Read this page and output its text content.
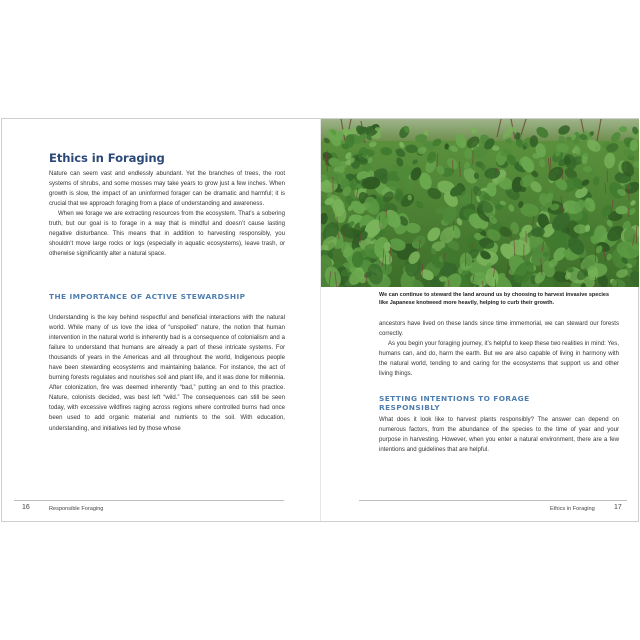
Ethics in Foraging

Nature can seem vast and endlessly abundant. Yet the branches of trees, the root systems of shrubs, and some mosses may take years to grow just a few inches. When growth is slow, the impact of an uninformed forager can be dramatic and harmful; it is crucial that we approach foraging from a place of understanding and awareness.

When we forage we are extracting resources from the ecosystem. That’s a sobering truth, but our goal is to forage in a way that is mindful and doesn’t cause lasting negative disturbance. This means that in addition to harvesting responsibly, you shouldn’t move large rocks or logs (especially in aquatic ecosystems), leave trash, or otherwise significantly alter a natural space.

THE IMPORTANCE OF ACTIVE STEWARDSHIP

Understanding is the key behind respectful and beneficial interactions with the natural world. While many of us love the idea of “unspoiled” nature, the notion that human intervention in the natural world is inherently bad is a consequence of colonialism and a failure to understand that humans are already a part of these intricate systems. For thousands of years in the Americas and all throughout the world, Indigenous people have been stewarding ecosystems and maintaining balance. For instance, the act of burning forests regulates and nourishes soil and plant life, and it was done for millennia. After colonization, fire was deemed inherently “bad,” putting an end to this practice. Nature, colonists decided, was best left “wild.” The consequences can still be seen today, with excessive wildfires raging across regions where controlled burns had once been used to add organic material and nutrients to the soil. With education, understanding, and initiatives led by those whose

16	Responsible Foraging
We can continue to steward the land around us by choosing to harvest invasive species like Japanese knotweed more heavily, helping to curb their growth.

ancestors have lived on these lands since time immemorial, we can steward our forests correctly.

As you begin your foraging journey, it’s helpful to keep these two realities in mind: Yes, humans can, and do, harm the earth. But we are also capable of living in harmony with the natural world, tending to and caring for the ecosystems that support us and other living things.

SETTING INTENTIONS TO FORAGE RESPONSIBLY

What does it look like to harvest plants responsibly? The answer can depend on numerous factors, from the abundance of the species to the time of year and your purpose in harvesting. However, when you enter a natural environment, there are a few intentions and guidelines that are helpful.

Ethics in Foraging	17
